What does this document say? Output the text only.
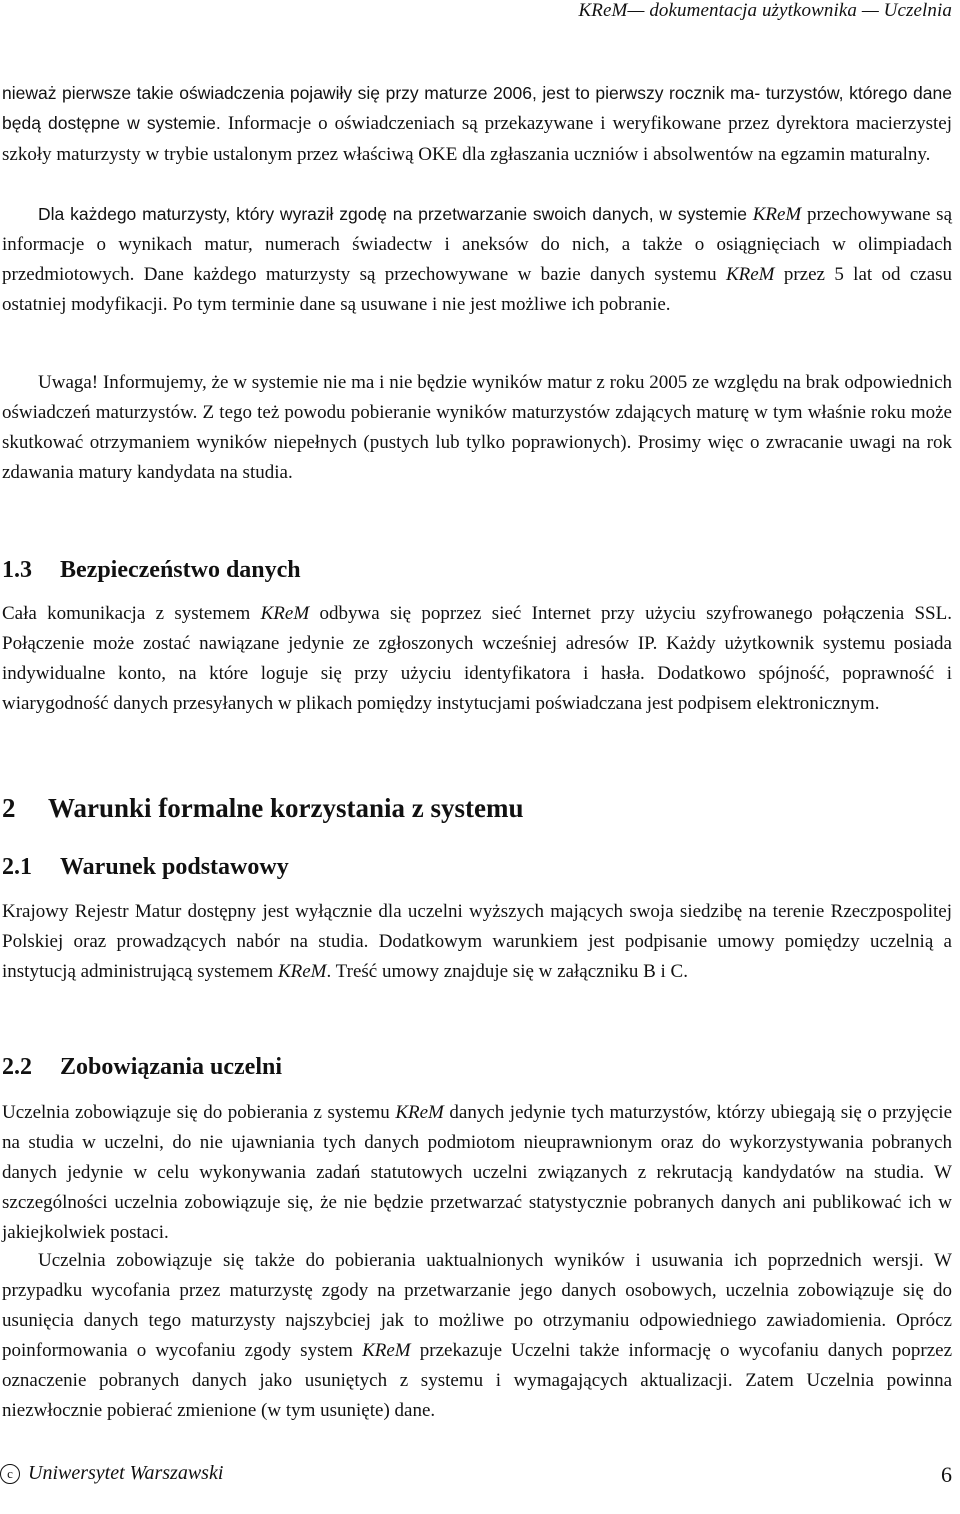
KReM— dokumentacja użytkownika — Uczelnia

nieważ pierwsze takie oświadczenia pojawiły się przy maturze 2006, jest to pierwszy rocznik ma- turzystów, którego dane będą dostępne w systemie. Informacje o oświadczeniach są przekazywane i weryfikowane przez dyrektora macierzystej szkoły maturzysty w trybie ustalonym przez właściwą OKE dla zgłaszania uczniów i absolwentów na egzamin maturalny.

Dla każdego maturzysty, który wyraził zgodę na przetwarzanie swoich danych, w systemie KReM przechowywane są informacje o wynikach matur, numerach świadectw i aneksów do nich, a także o osiągnięciach w olimpiadach przedmiotowych. Dane każdego maturzysty są przechowywane w bazie danych systemu KReM przez 5 lat od czasu ostatniej modyfikacji. Po tym terminie dane są usuwane i nie jest możliwe ich pobranie.

Uwaga! Informujemy, że w systemie nie ma i nie będzie wyników matur z roku 2005 ze względu na brak odpowiednich oświadczeń maturzystów. Z tego też powodu pobieranie wyników maturzystów zdających maturę w tym właśnie roku może skutkować otrzymaniem wyników niepełnych (pustych lub tylko poprawionych). Prosimy więc o zwracanie uwagi na rok zdawania matury kandydata na studia.

1.3 Bezpieczeństwo danych

Cała komunikacja z systemem KReM odbywa się poprzez sieć Internet przy użyciu szyfrowanego połączenia SSL. Połączenie może zostać nawiązane jedynie ze zgłoszonych wcześniej adresów IP. Każdy użytkownik systemu posiada indywidualne konto, na które loguje się przy użyciu identyfikatora i hasła. Dodatkowo spójność, poprawność i wiarygodność danych przesyłanych w plikach pomiędzy instytucjami poświadczana jest podpisem elektronicznym.

2 Warunki formalne korzystania z systemu
2.1 Warunek podstawowy

Krajowy Rejestr Matur dostępny jest wyłącznie dla uczelni wyższych mających swoja siedzibę na terenie Rzeczpospolitej Polskiej oraz prowadzących nabór na studia. Dodatkowym warunkiem jest podpisanie umowy pomiędzy uczelnią a instytucją administrującą systemem KReM. Treść umowy znajduje się w załączniku B i C.

2.2 Zobowiązania uczelni

Uczelnia zobowiązuje się do pobierania z systemu KReM danych jedynie tych maturzystów, którzy ubiegają się o przyjęcie na studia w uczelni, do nie ujawniania tych danych podmiotom nieuprawnionym oraz do wykorzystywania pobranych danych jedynie w celu wykonywania zadań statutowych uczelni związanych z rekrutacją kandydatów na studia. W szczególności uczelnia zobowiązuje się, że nie będzie przetwarzać statystycznie pobranych danych ani publikować ich w jakiejkolwiek postaci.

Uczelnia zobowiązuje się także do pobierania uaktualnionych wyników i usuwania ich poprzednich wersji. W przypadku wycofania przez maturzystę zgody na przetwarzanie jego danych osobowych, uczelnia zobowiązuje się do usunięcia danych tego maturzysty najszybciej jak to możliwe po otrzymaniu odpowiedniego zawiadomienia. Oprócz poinformowania o wycofaniu zgody system KReM przekazuje Uczelni także informację o wycofaniu danych poprzez oznaczenie pobranych danych jako usuniętych z systemu i wymagających aktualizacji. Zatem Uczelnia powinna niezwłocznie pobierać zmienione (w tym usunięte) dane.

c Uniwersytet Warszawski	6
